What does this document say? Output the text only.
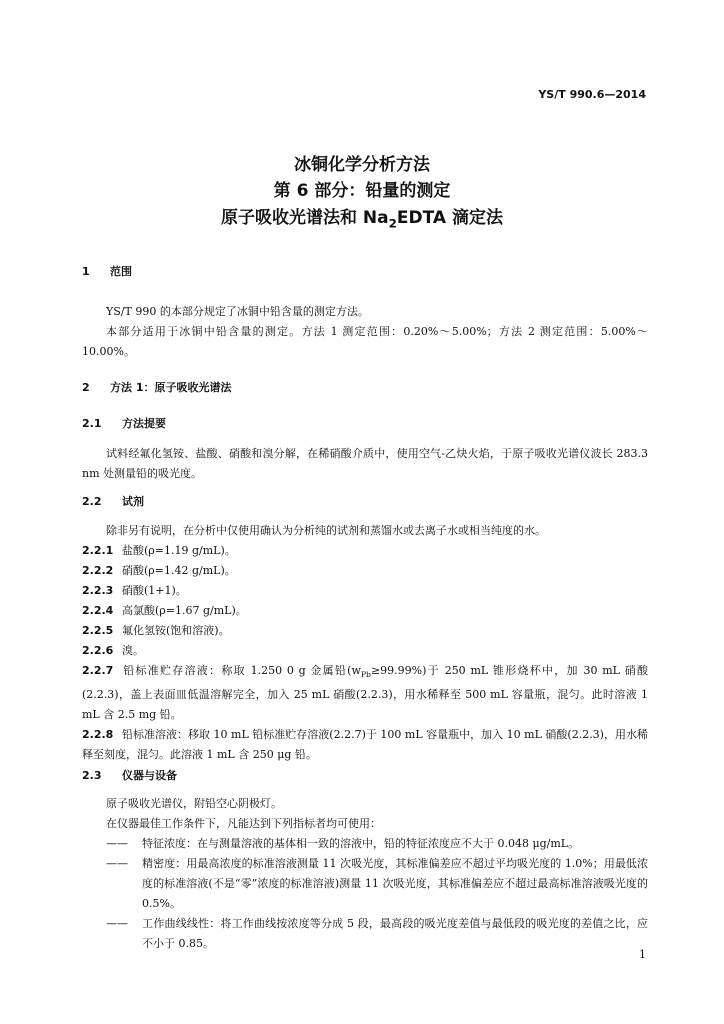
YS/T 990.6—2014
冰铜化学分析方法
第 6 部分：铅量的测定
原子吸收光谱法和 $Na_2EDTA$ 滴定法
1 范围

YS/T 990 的本部分规定了冰铜中铅含量的测定方法。

本部分适用于冰铜中铅含量的测定。方法 1 测定范围：0.20%～5.00%；方法 2 测定范围：5.00%～10.00%。

2 方法 1：原子吸收光谱法
2.1 方法提要

试料经氟化氢铵、盐酸、硝酸和溴分解，在稀硝酸介质中，使用空气-乙炔火焰，于原子吸收光谱仪波长 283.3 nm 处测量铅的吸光度。

2.2 试剂

除非另有说明，在分析中仅使用确认为分析纯的试剂和蒸馏水或去离子水或相当纯度的水。

2.2.1 盐酸(ρ=1.19 g/mL)。

2.2.2 硝酸(ρ=1.42 g/mL)。

2.2.3 硝酸(1+1)。

2.2.4 高氯酸(ρ=1.67 g/mL)。

2.2.5 氟化氢铵(饱和溶液)。

2.2.6 溴。

2.2.7 铅标准贮存溶液：称取 1.250 0 g 金属铅$(w_{Pb}\ge 99.99\%)$于 250 mL 锥形烧杯中，加 30 mL 硝酸(2.2.3)，盖上表面皿低温溶解完全，加入 25 mL 硝酸(2.2.3)，用水稀释至 500 mL 容量瓶，混匀。此时溶液 1 mL 含 2.5 mg 铅。

2.2.8 铅标准溶液：移取 10 mL 铅标准贮存溶液(2.2.7)于 100 mL 容量瓶中，加入 10 mL 硝酸(2.2.3)，用水稀释至刻度，混匀。此溶液 1 mL 含 250 μg 铅。

2.3 仪器与设备

原子吸收光谱仪，附铅空心阴极灯。

在仪器最佳工作条件下，凡能达到下列指标者均可使用：

—— 特征浓度：在与测量溶液的基体相一致的溶液中，铅的特征浓度应不大于 0.048 μg/mL。

—— 精密度：用最高浓度的标准溶液测量 11 次吸光度，其标准偏差应不超过平均吸光度的 1.0%；用最低浓度的标准溶液(不是“零”浓度的标准溶液)测量 11 次吸光度，其标准偏差应不超过最高标准溶液吸光度的 0.5%。

—— 工作曲线线性：将工作曲线按浓度等分成 5 段，最高段的吸光度差值与最低段的吸光度的差值之比，应不小于 0.85。

1
